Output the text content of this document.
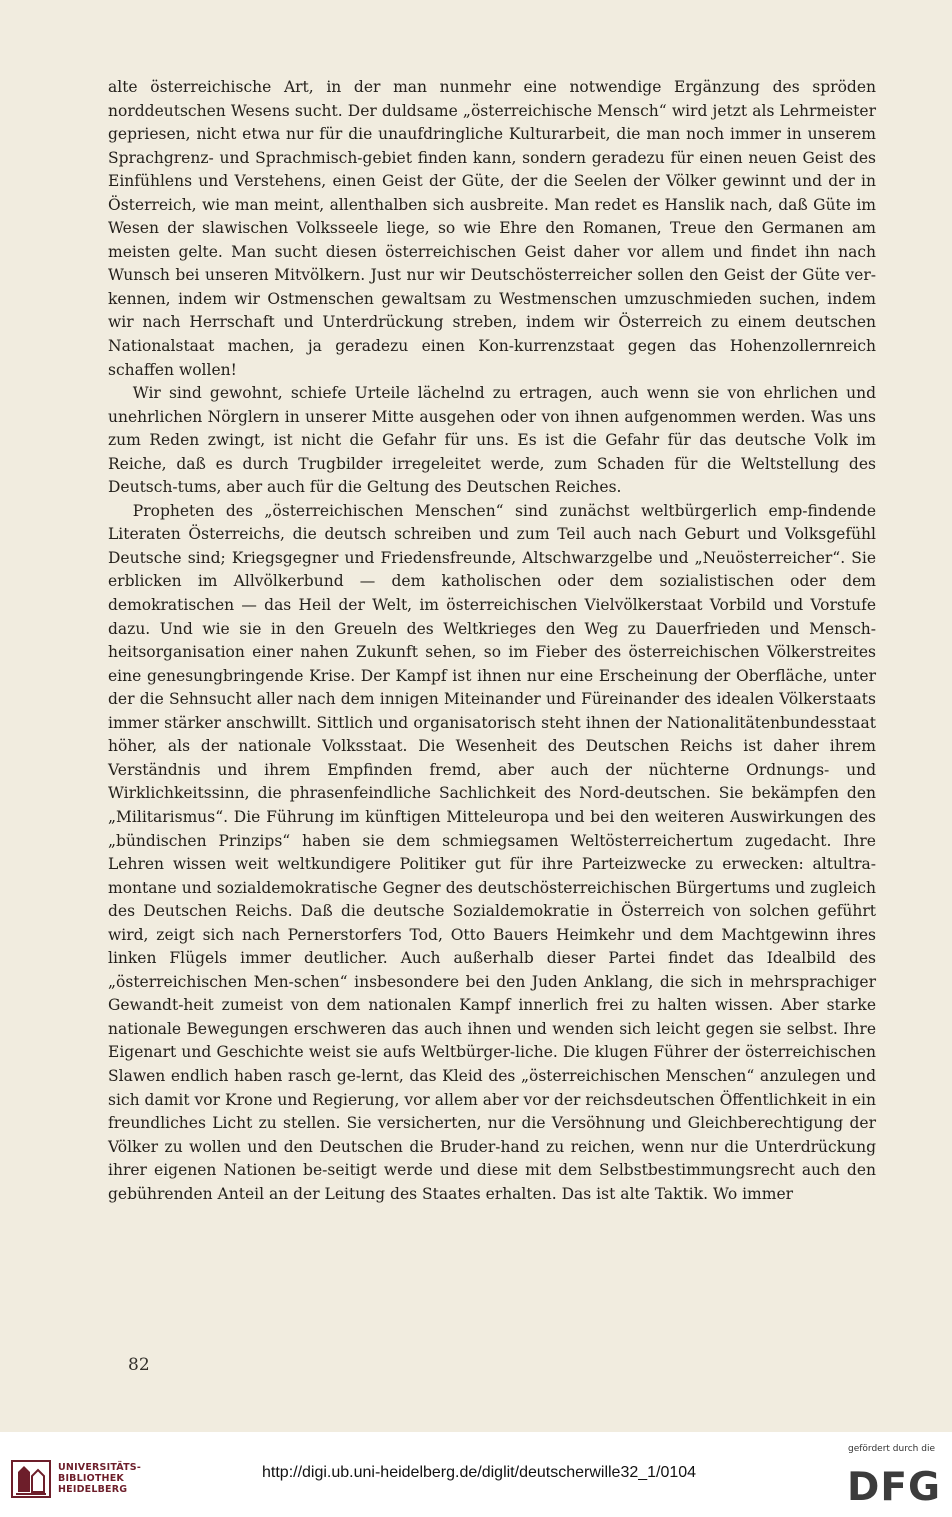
alte österreichische Art, in der man nunmehr eine notwendige Ergänzung des spröden norddeutschen Wesens sucht. Der duldsame „österreichische Mensch“ wird jetzt als Lehrmeister gepriesen, nicht etwa nur für die unaufdringliche Kulturarbeit, die man noch immer in unserem Sprachgrenz- und Sprachmisch-gebiet finden kann, sondern geradezu für einen neuen Geist des Einfühlens und Verstehens, einen Geist der Güte, der die Seelen der Völker gewinnt und der in Österreich, wie man meint, allenthalben sich ausbreite. Man redet es Hanslik nach, daß Güte im Wesen der slawischen Volksseele liege, so wie Ehre den Romanen, Treue den Germanen am meisten gelte. Man sucht diesen österreichischen Geist daher vor allem und findet ihn nach Wunsch bei unseren Mitvölkern. Just nur wir Deutschösterreicher sollen den Geist der Güte ver-kennen, indem wir Ostmenschen gewaltsam zu Westmenschen umzuschmieden suchen, indem wir nach Herrschaft und Unterdrückung streben, indem wir Österreich zu einem deutschen Nationalstaat machen, ja geradezu einen Kon-kurrenzstaat gegen das Hohenzollernreich schaffen wollen!

Wir sind gewohnt, schiefe Urteile lächelnd zu ertragen, auch wenn sie von ehrlichen und unehrlichen Nörglern in unserer Mitte ausgehen oder von ihnen aufgenommen werden. Was uns zum Reden zwingt, ist nicht die Gefahr für uns. Es ist die Gefahr für das deutsche Volk im Reiche, daß es durch Trugbilder irregeleitet werde, zum Schaden für die Weltstellung des Deutsch-tums, aber auch für die Geltung des Deutschen Reiches.

Propheten des „österreichischen Menschen“ sind zunächst weltbürgerlich emp-findende Literaten Österreichs, die deutsch schreiben und zum Teil auch nach Geburt und Volksgefühl Deutsche sind; Kriegsgegner und Friedensfreunde, Altschwarzgelbe und „Neuösterreicher“. Sie erblicken im Allvölkerbund — dem katholischen oder dem sozialistischen oder dem demokratischen — das Heil der Welt, im österreichischen Vielvölkerstaat Vorbild und Vorstufe dazu. Und wie sie in den Greueln des Weltkrieges den Weg zu Dauerfrieden und Mensch-heitsorganisation einer nahen Zukunft sehen, so im Fieber des österreichischen Völkerstreites eine genesungbringende Krise. Der Kampf ist ihnen nur eine Erscheinung der Oberfläche, unter der die Sehnsucht aller nach dem innigen Miteinander und Füreinander des idealen Völkerstaats immer stärker anschwillt. Sittlich und organisatorisch steht ihnen der Nationalitätenbundesstaat höher, als der nationale Volksstaat. Die Wesenheit des Deutschen Reichs ist daher ihrem Verständnis und ihrem Empfinden fremd, aber auch der nüchterne Ordnungs- und Wirklichkeitssinn, die phrasenfeindliche Sachlichkeit des Nord-deutschen. Sie bekämpfen den „Militarismus“. Die Führung im künftigen Mitteleuropa und bei den weiteren Auswirkungen des „bündischen Prinzips“ haben sie dem schmiegsamen Weltösterreichertum zugedacht. Ihre Lehren wissen weit weltkundigere Politiker gut für ihre Parteizwecke zu erwecken: altultra-montane und sozialdemokratische Gegner des deutschösterreichischen Bürgertums und zugleich des Deutschen Reichs. Daß die deutsche Sozialdemokratie in Österreich von solchen geführt wird, zeigt sich nach Pernerstorfers Tod, Otto Bauers Heimkehr und dem Machtgewinn ihres linken Flügels immer deutlicher. Auch außerhalb dieser Partei findet das Idealbild des „österreichischen Men-schen“ insbesondere bei den Juden Anklang, die sich in mehrsprachiger Gewandt-heit zumeist von dem nationalen Kampf innerlich frei zu halten wissen. Aber starke nationale Bewegungen erschweren das auch ihnen und wenden sich leicht gegen sie selbst. Ihre Eigenart und Geschichte weist sie aufs Weltbürger-liche. Die klugen Führer der österreichischen Slawen endlich haben rasch ge-lernt, das Kleid des „österreichischen Menschen“ anzulegen und sich damit vor Krone und Regierung, vor allem aber vor der reichsdeutschen Öffentlichkeit in ein freundliches Licht zu stellen. Sie versicherten, nur die Versöhnung und Gleichberechtigung der Völker zu wollen und den Deutschen die Bruder-hand zu reichen, wenn nur die Unterdrückung ihrer eigenen Nationen be-seitigt werde und diese mit dem Selbstbestimmungsrecht auch den gebührenden Anteil an der Leitung des Staates erhalten. Das ist alte Taktik. Wo immer

82
UNIVERSITÄTS-
BIBLIOTHEK
HEIDELBERG
http://digi.ub.uni-heidelberg.de/diglit/deutscherwille32_1/0104
gefördert durch die
DFG
